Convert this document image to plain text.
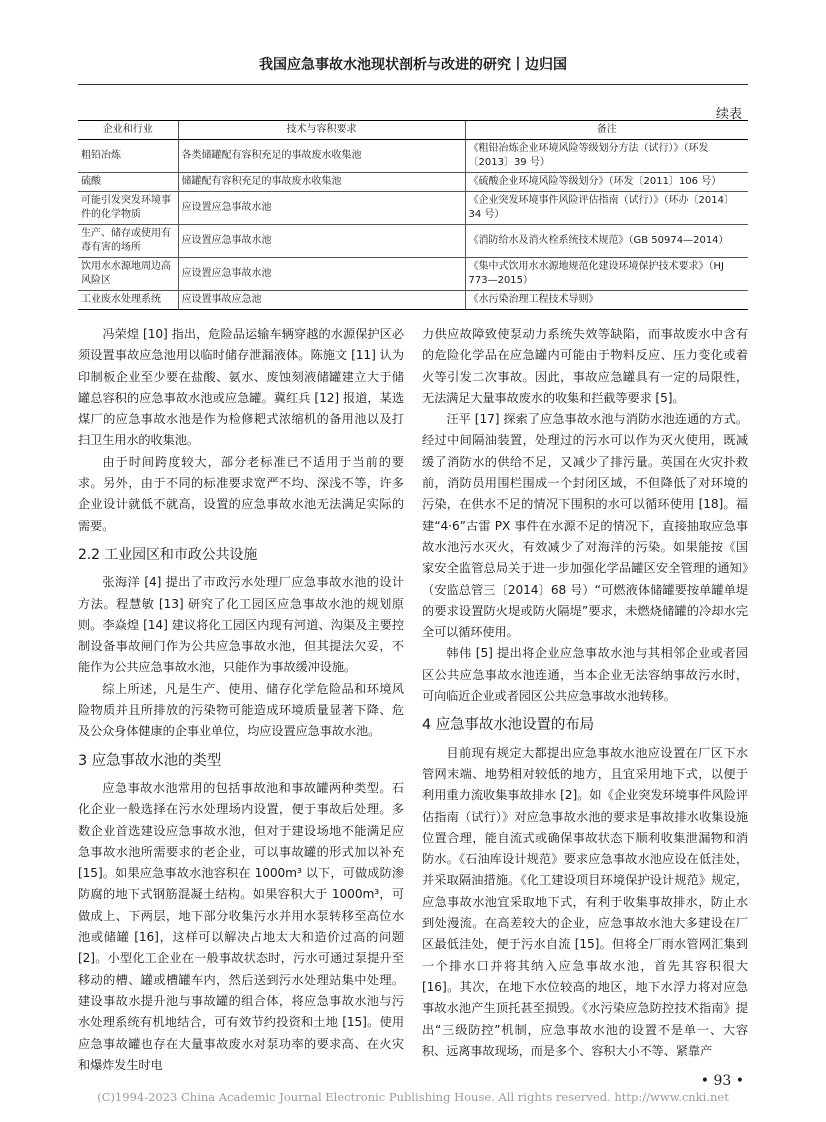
我国应急事故水池现状剖析与改进的研究丨边归国
续表
企业和行业	技术与容积要求	备注
粗铅冶炼	各类储罐配有容积充足的事故废水收集池	《粗铅冶炼企业环境风险等级划分方法（试行）》（环发〔2013〕39 号）
硫酸	储罐配有容积充足的事故废水收集池	《硫酸企业环境风险等级划分》（环发〔2011〕106 号）
可能引发突发环境事件的化学物质	应设置应急事故水池	《企业突发环境事件风险评估指南（试行）》（环办〔2014〕34 号）
生产、储存或使用有毒有害的场所	应设置应急事故水池	《消防给水及消火栓系统技术规范》（GB 50974—2014）
饮用水水源地周边高风险区	应设置应急事故水池	《集中式饮用水水源地规范化建设环境保护技术要求》（HJ 773—2015）
工业废水处理系统	应设置事故应急池	《水污染治理工程技术导则》

冯荣煌 [10] 指出，危险品运输车辆穿越的水源保护区必须设置事故应急池用以临时储存泄漏液体。陈施文 [11] 认为印制板企业至少要在盐酸、氨水、废蚀刻液储罐建立大于储罐总容积的应急事故水池或应急罐。冀红兵 [12] 报道，某选煤厂的应急事故水池是作为检修耙式浓缩机的备用池以及打扫卫生用水的收集池。

由于时间跨度较大，部分老标准已不适用于当前的要求。另外，由于不同的标准要求宽严不均、深浅不等，许多企业设计就低不就高，设置的应急事故水池无法满足实际的需要。

2.2 工业园区和市政公共设施

张海洋 [4] 提出了市政污水处理厂应急事故水池的设计方法。程慧敏 [13] 研究了化工园区应急事故水池的规划原则。李焱煌 [14] 建议将化工园区内现有河道、沟渠及主要控制设备事故闸门作为公共应急事故水池，但其提法欠妥，不能作为公共应急事故水池，只能作为事故缓冲设施。

综上所述，凡是生产、使用、储存化学危险品和环境风险物质并且所排放的污染物可能造成环境质量显著下降、危及公众身体健康的企事业单位，均应设置应急事故水池。

3 应急事故水池的类型

应急事故水池常用的包括事故池和事故罐两种类型。石化企业一般选择在污水处理场内设置，便于事故后处理。多数企业首选建设应急事故水池，但对于建设场地不能满足应急事故水池所需要求的老企业，可以事故罐的形式加以补充 [15]。如果应急事故水池容积在 1000m³ 以下，可做成防渗防腐的地下式钢筋混凝土结构。如果容积大于 1000m³，可做成上、下两层，地下部分收集污水并用水泵转移至高位水池或储罐 [16]，这样可以解决占地太大和造价过高的问题 [2]。小型化工企业在一般事故状态时，污水可通过泵提升至移动的槽、罐或槽罐车内，然后送到污水处理站集中处理。建设事故水提升池与事故罐的组合体，将应急事故水池与污水处理系统有机地结合，可有效节约投资和土地 [15]。使用应急事故罐也存在大量事故废水对泵功率的要求高、在火灾和爆炸发生时电

力供应故障致使泵动力系统失效等缺陷，而事故废水中含有的危险化学品在应急罐内可能由于物料反应、压力变化或着火等引发二次事故。因此，事故应急罐具有一定的局限性，无法满足大量事故废水的收集和拦截等要求 [5]。

汪平 [17] 探索了应急事故水池与消防水池连通的方式。经过中间隔油装置，处理过的污水可以作为灭火使用，既减缓了消防水的供给不足，又减少了排污量。英国在火灾扑救前，消防员用围栏围成一个封闭区域，不但降低了对环境的污染，在供水不足的情况下围积的水可以循环使用 [18]。福建“4·6”古雷 PX 事件在水源不足的情况下，直接抽取应急事故水池污水灭火，有效减少了对海洋的污染。如果能按《国家安全监管总局关于进一步加强化学品罐区安全管理的通知》（安监总管三〔2014〕68 号）“可燃液体储罐要按单罐单堤的要求设置防火堤或防火隔堤”要求，未燃烧储罐的冷却水完全可以循环使用。

韩伟 [5] 提出将企业应急事故水池与其相邻企业或者园区公共应急事故水池连通，当本企业无法容纳事故污水时，可向临近企业或者园区公共应急事故水池转移。

4 应急事故水池设置的布局

目前现有规定大都提出应急事故水池应设置在厂区下水管网末端、地势相对较低的地方，且宜采用地下式，以便于利用重力流收集事故排水 [2]。如《企业突发环境事件风险评估指南（试行）》对应急事故水池的要求是事故排水收集设施位置合理，能自流式或确保事故状态下顺利收集泄漏物和消防水。《石油库设计规范》要求应急事故水池应设在低洼处，并采取隔油措施。《化工建设项目环境保护设计规范》规定，应急事故水池宜采取地下式，有利于收集事故排水，防止水到处漫流。在高差较大的企业，应急事故水池大多建设在厂区最低洼处，便于污水自流 [15]。但将全厂雨水管网汇集到一个排水口并将其纳入应急事故水池，首先其容积很大 [16]。其次，在地下水位较高的地区，地下水浮力将对应急事故水池产生顶托甚至损毁。《水污染应急防控技术指南》提出“三级防控”机制，应急事故水池的设置不是单一、大容积、远离事故现场，而是多个、容积大小不等、紧靠产

• 93 •
(C)1994-2023 China Academic Journal Electronic Publishing House. All rights reserved. http://www.cnki.net
